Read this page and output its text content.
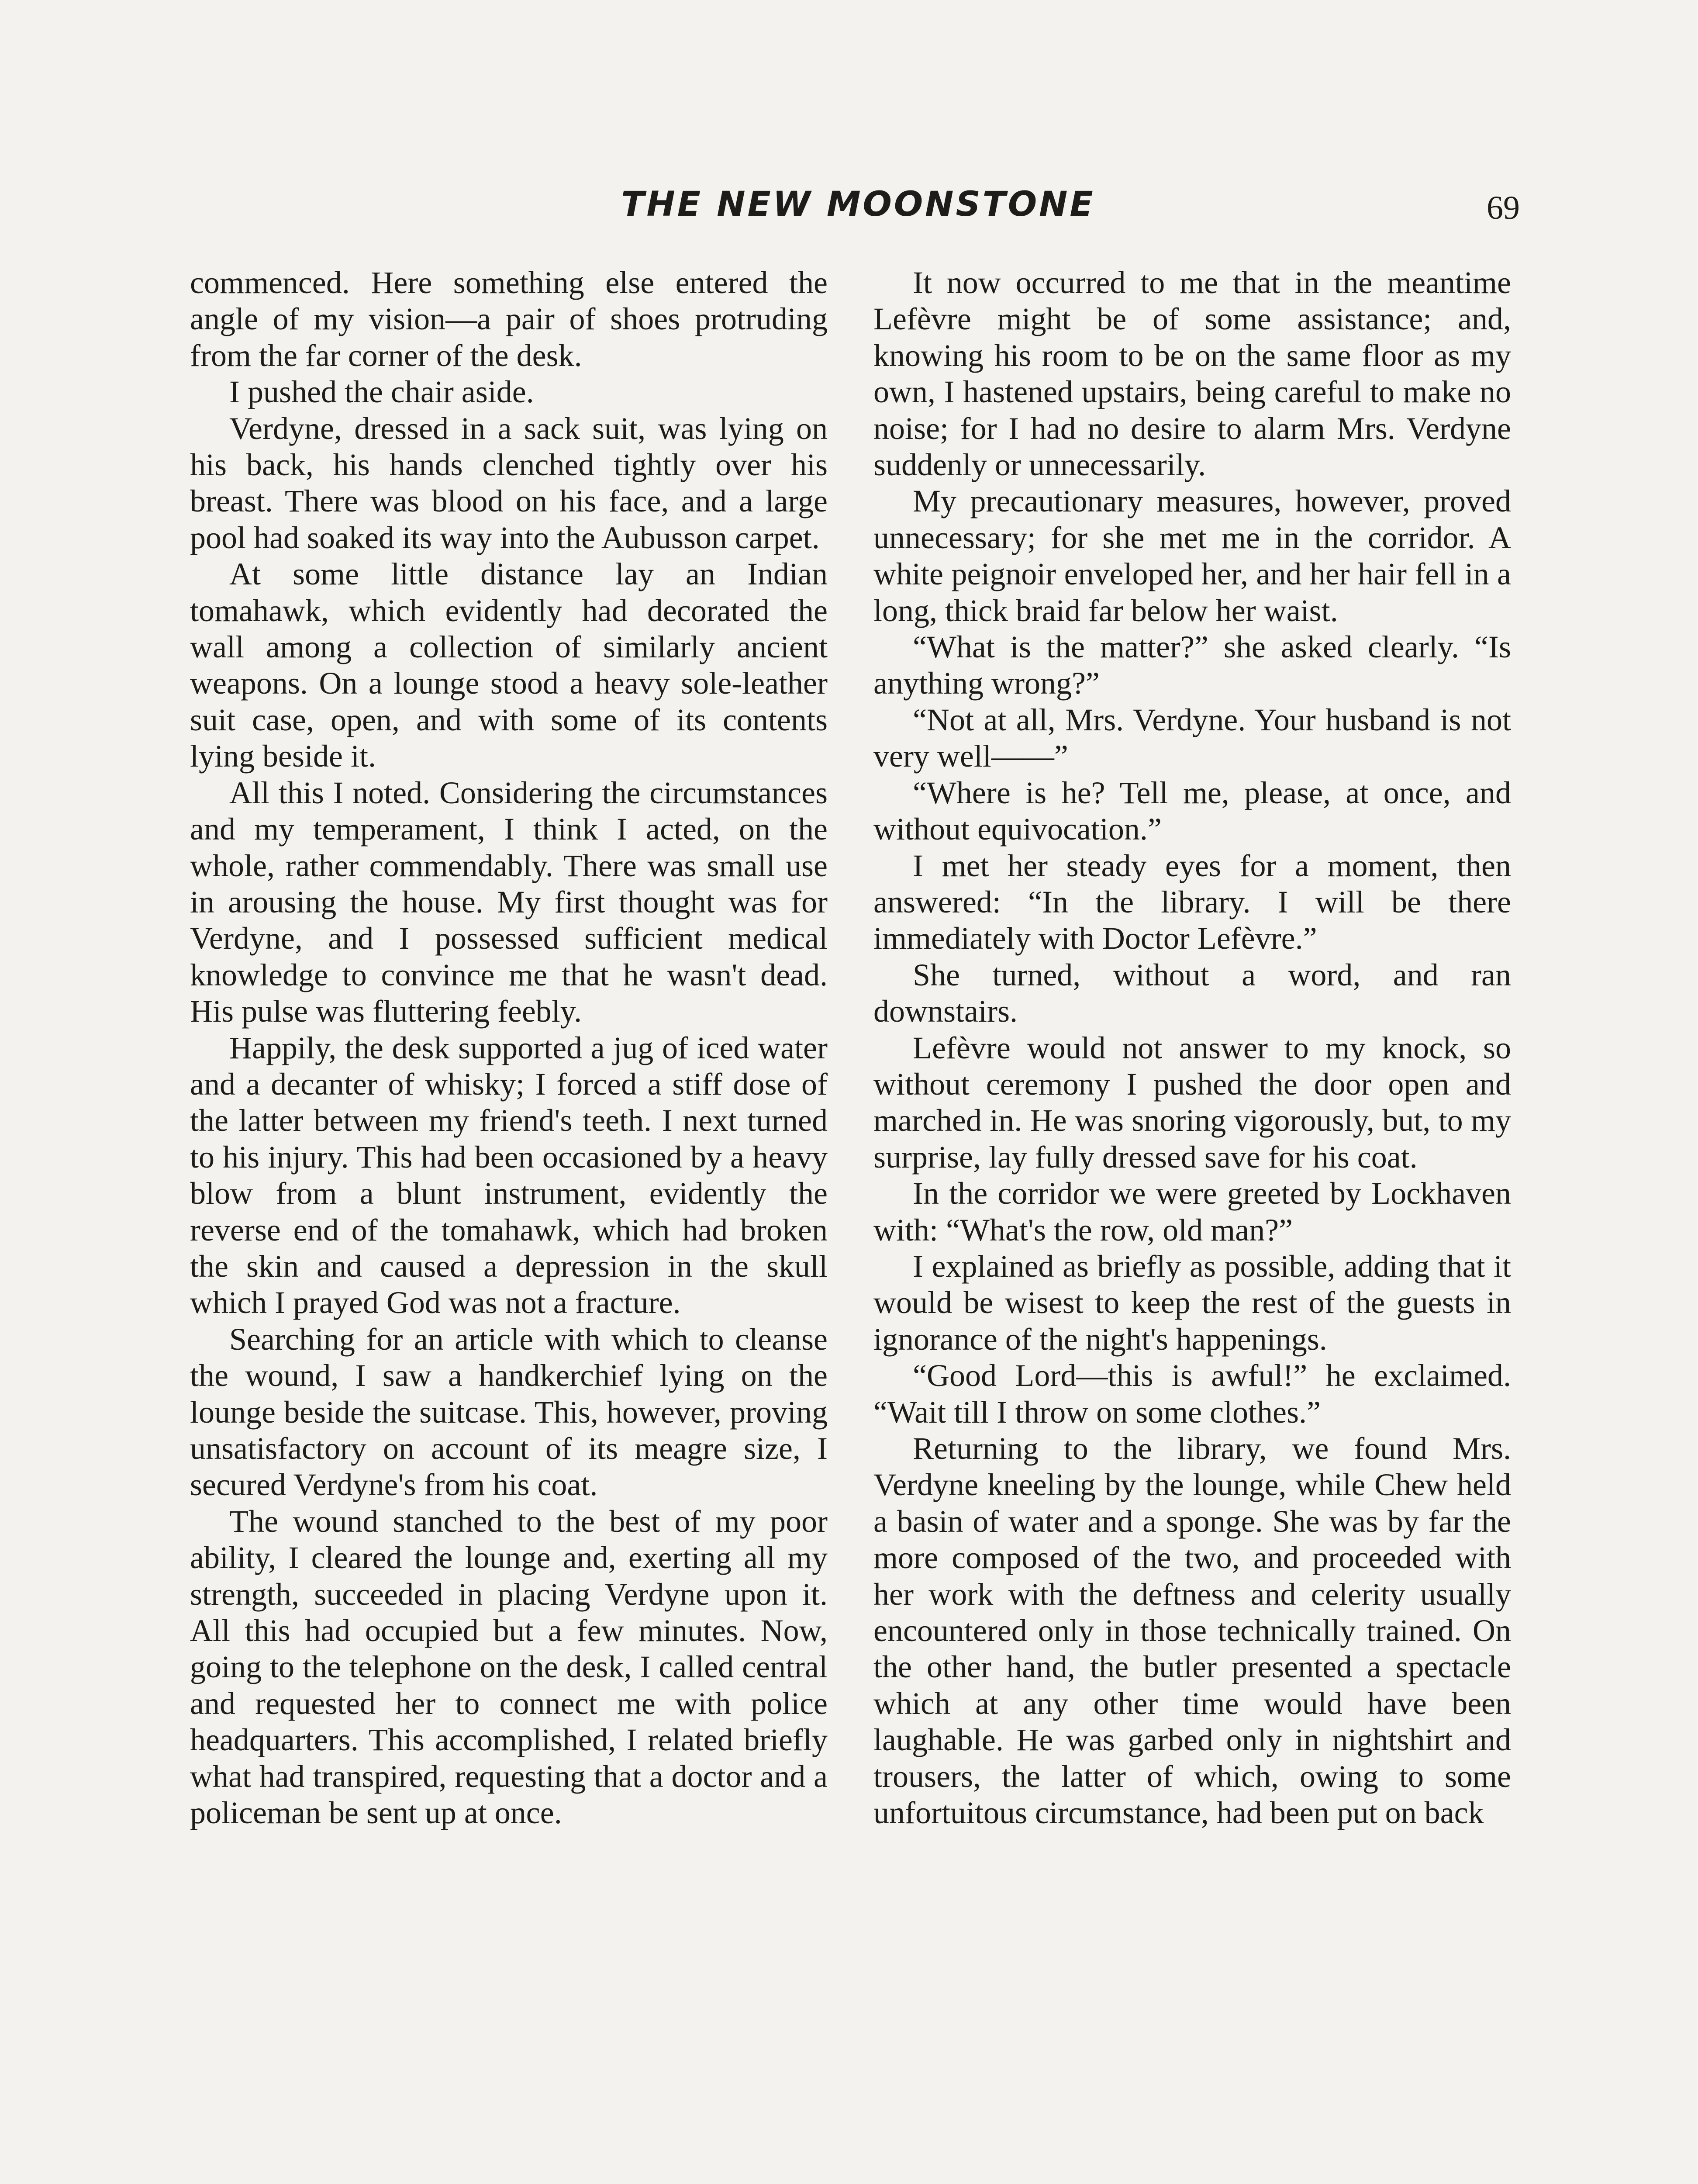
THE NEW MOONSTONE	69

commenced. Here something else entered the angle of my vision—a pair of shoes protruding from the far corner of the desk.

I pushed the chair aside.

Verdyne, dressed in a sack suit, was lying on his back, his hands clenched tightly over his breast. There was blood on his face, and a large pool had soaked its way into the Aubusson carpet.

At some little distance lay an Indian tomahawk, which evidently had decorated the wall among a collection of similarly ancient weapons. On a lounge stood a heavy sole-leather suit case, open, and with some of its contents lying beside it.

All this I noted. Considering the circumstances and my temperament, I think I acted, on the whole, rather commendably. There was small use in arousing the house. My first thought was for Verdyne, and I possessed sufficient medical knowledge to convince me that he wasn't dead. His pulse was fluttering feebly.

Happily, the desk supported a jug of iced water and a decanter of whisky; I forced a stiff dose of the latter between my friend's teeth. I next turned to his injury. This had been occasioned by a heavy blow from a blunt instrument, evidently the reverse end of the tomahawk, which had broken the skin and caused a depression in the skull which I prayed God was not a fracture.

Searching for an article with which to cleanse the wound, I saw a handkerchief lying on the lounge beside the suitcase. This, however, proving unsatisfactory on account of its meagre size, I secured Verdyne's from his coat.

The wound stanched to the best of my poor ability, I cleared the lounge and, exerting all my strength, succeeded in placing Verdyne upon it. All this had occupied but a few minutes. Now, going to the telephone on the desk, I called central and requested her to connect me with police headquarters. This accomplished, I related briefly what had transpired, requesting that a doctor and a policeman be sent up at once.

It now occurred to me that in the meantime Lefèvre might be of some assistance; and, knowing his room to be on the same floor as my own, I hastened upstairs, being careful to make no noise; for I had no desire to alarm Mrs. Verdyne suddenly or unnecessarily.

My precautionary measures, however, proved unnecessary; for she met me in the corridor. A white peignoir enveloped her, and her hair fell in a long, thick braid far below her waist.

“What is the matter?” she asked clearly. “Is anything wrong?”

“Not at all, Mrs. Verdyne. Your husband is not very well——”

“Where is he? Tell me, please, at once, and without equivocation.”

I met her steady eyes for a moment, then answered: “In the library. I will be there immediately with Doctor Lefèvre.”

She turned, without a word, and ran downstairs.

Lefèvre would not answer to my knock, so without ceremony I pushed the door open and marched in. He was snoring vigorously, but, to my surprise, lay fully dressed save for his coat.

In the corridor we were greeted by Lockhaven with: “What's the row, old man?”

I explained as briefly as possible, adding that it would be wisest to keep the rest of the guests in ignorance of the night's happenings.

“Good Lord—this is awful!” he exclaimed. “Wait till I throw on some clothes.”

Returning to the library, we found Mrs. Verdyne kneeling by the lounge, while Chew held a basin of water and a sponge. She was by far the more composed of the two, and proceeded with her work with the deftness and celerity usually encountered only in those technically trained. On the other hand, the butler presented a spectacle which at any other time would have been laughable. He was garbed only in nightshirt and trousers, the latter of which, owing to some unfortuitous circumstance, had been put on back
